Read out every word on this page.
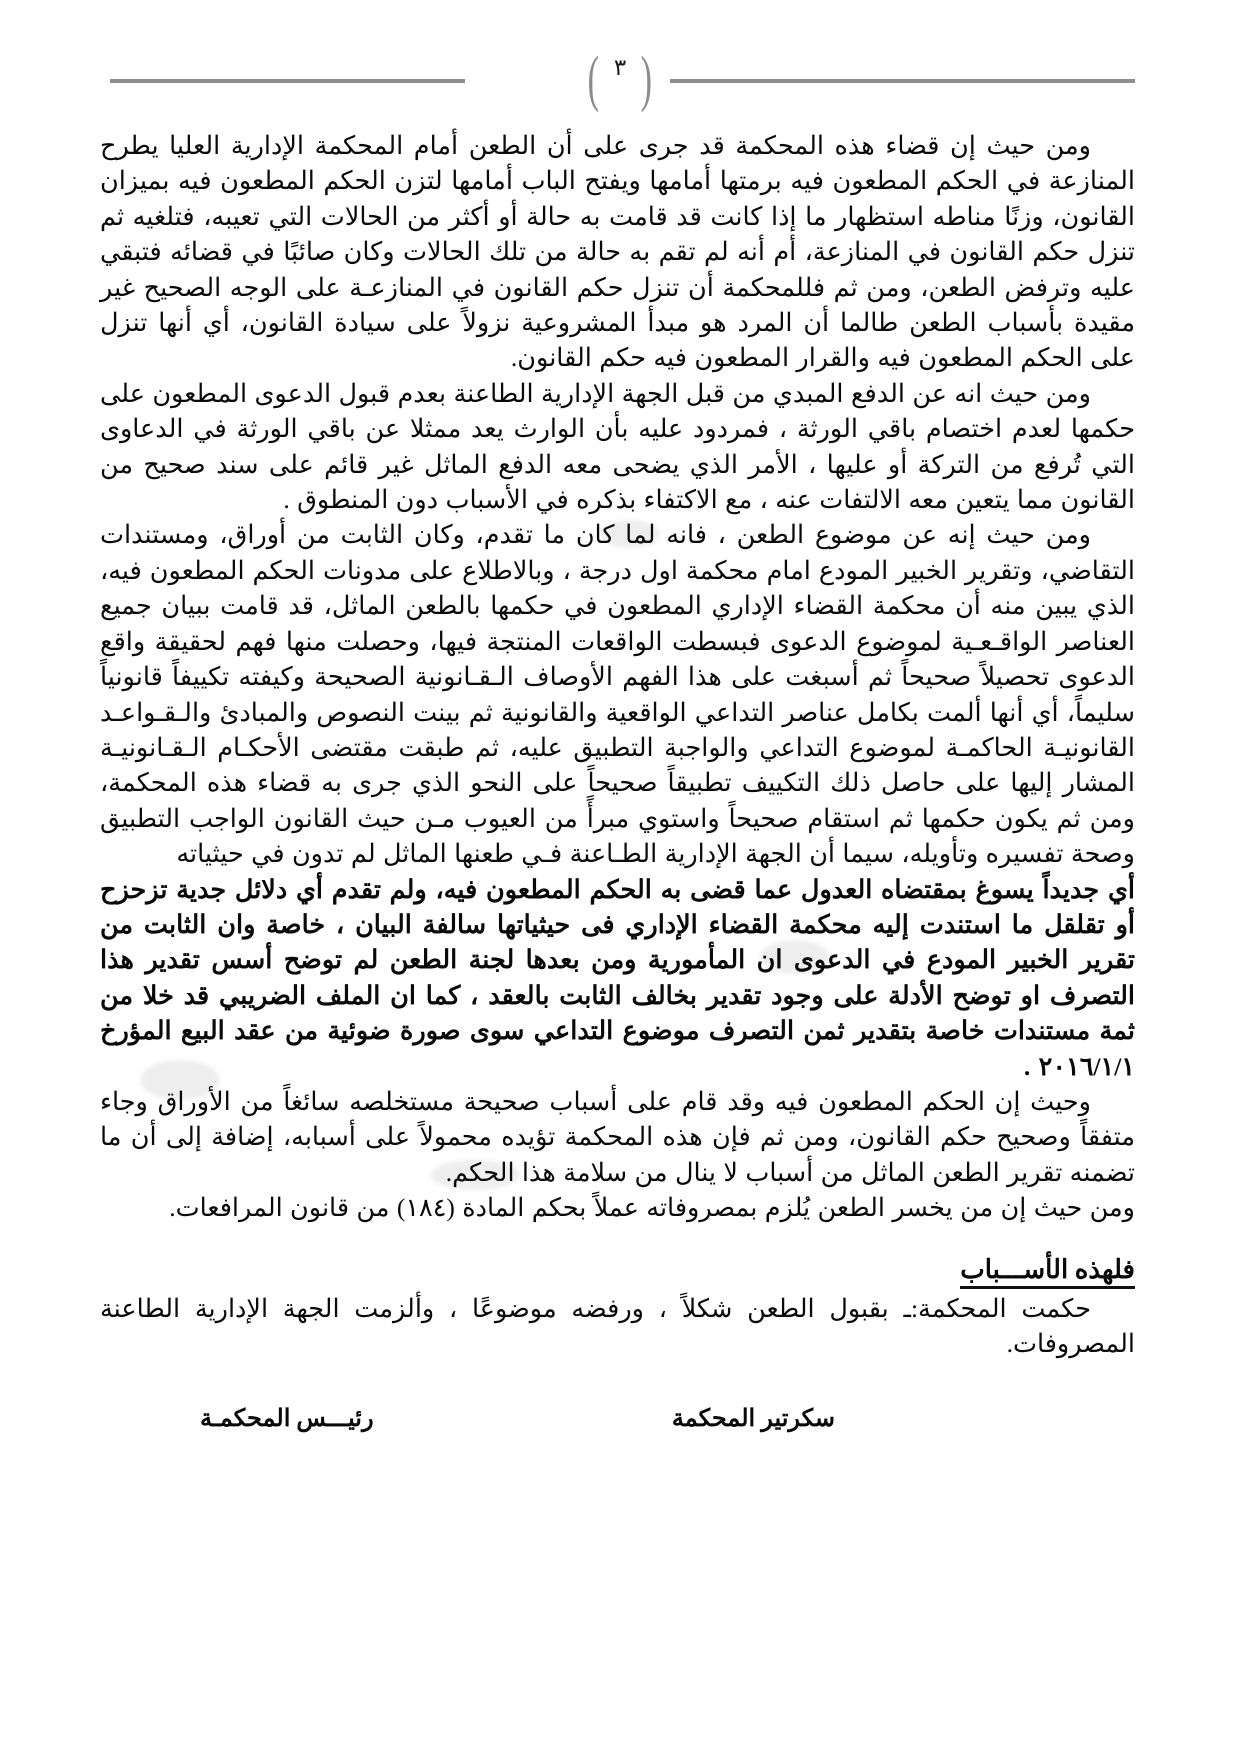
(
٣
)

ومن حيث إن قضاء هذه المحكمة قد جرى على أن الطعن أمام المحكمة الإدارية العليا يطرح المنازعة في الحكم المطعون فيه برمتها أمامها ويفتح الباب أمامها لتزن الحكم المطعون فيه بميزان القانون، وزنًا مناطه استظهار ما إذا كانت قد قامت به حالة أو أكثر من الحالات التي تعيبه، فتلغيه ثم تنزل حكم القانون في المنازعة، أم أنه لم تقم به حالة من تلك الحالات وكان صائبًا في قضائه فتبقي عليه وترفض الطعن، ومن ثم فللمحكمة أن تنزل حكم القانون في المنازعـة على الوجه الصحيح غير مقيدة بأسباب الطعن طالما أن المرد هو مبدأ المشروعية نزولاً على سيادة القانون، أي أنها تنزل على الحكم المطعون فيه والقرار المطعون فيه حكم القانون.

ومن حيث انه عن الدفع المبدي من قبل الجهة الإدارية الطاعنة بعدم قبول الدعوى المطعون على حكمها لعدم اختصام باقي الورثة ، فمردود عليه بأن الوارث يعد ممثلا عن باقي الورثة في الدعاوى التي تُرفع من التركة أو عليها ، الأمر الذي يضحى معه الدفع الماثل غير قائم على سند صحيح من القانون مما يتعين معه الالتفات عنه ، مع الاكتفاء بذكره في الأسباب دون المنطوق .

ومن حيث إنه عن موضوع الطعن ، فانه لما كان ما تقدم، وكان الثابت من أوراق، ومستندات التقاضي، وتقرير الخبير المودع امام محكمة اول درجة ، وبالاطلاع على مدونات الحكم المطعون فيه، الذي يبين منه أن محكمة القضاء الإداري المطعون في حكمها بالطعن الماثل، قد قامت ببيان جميع العناصر الواقـعـية لموضوع الدعوى فبسطت الواقعات المنتجة فيها، وحصلت منها فهم لحقيقة واقع الدعوى تحصيلاً صحيحاً ثم أسبغت على هذا الفهم الأوصاف الـقـانونية الصحيحة وكيفته تكييفاً قانونياً سليماً، أي أنها ألمت بكامل عناصر التداعي الواقعية والقانونية ثم بينت النصوص والمبادئ والـقـواعـد القانونيـة الحاكمـة لموضوع التداعي والواجبة التطبيق عليه، ثم طبقت مقتضى الأحكـام الـقـانونيـة المشار إليها على حاصل ذلك التكييف تطبيقاً صحيحاً على النحو الذي جرى به قضاء هذه المحكمة، ومن ثم يكون حكمها ثم استقام صحيحاً واستوي مبرأً من العيوب مـن حيث القانون الواجب التطبيق وصحة تفسيره وتأويله، سيما أن الجهة الإدارية الطـاعنة فـي طعنها الماثل لم تدون في حيثياته

أي جديداً يسوغ بمقتضاه العدول عما قضى به الحكم المطعون فيه، ولم تقدم أي دلائل جدية تزحزح أو تقلقل ما استندت إليه محكمة القضاء الإداري فى حيثياتها سالفة البيان ، خاصة وان الثابت من تقرير الخبير المودع في الدعوى ان المأمورية ومن بعدها لجنة الطعن لم توضح أسس تقدير هذا التصرف او توضح الأدلة على وجود تقدير بخالف الثابت بالعقد ، كما ان الملف الضريبي قد خلا من ثمة مستندات خاصة بتقدير ثمن التصرف موضوع التداعي سوى صورة ضوئية من عقد البيع المؤرخ ٢٠١٦/١/١ .

وحيث إن الحكم المطعون فيه وقد قام على أسباب صحيحة مستخلصه سائغاً من الأوراق وجاء متفقاً وصحيح حكم القانون، ومن ثم فإن هذه المحكمة تؤيده محمولاً على أسبابه، إضافة إلى أن ما تضمنه تقرير الطعن الماثل من أسباب لا ينال من سلامة هذا الحكم.

ومن حيث إن من يخسر الطعن يُلزم بمصروفاته عملاً بحكم المادة (١٨٤) من قانون المرافعات.

فلهذه الأســـباب

حكمت المحكمة:ـ بقبول الطعن شكلاً ، ورفضه موضوعًا ، وألزمت الجهة الإدارية الطاعنة المصروفات.

سكرتير المحكمة
رئيـــس المحكمـة
